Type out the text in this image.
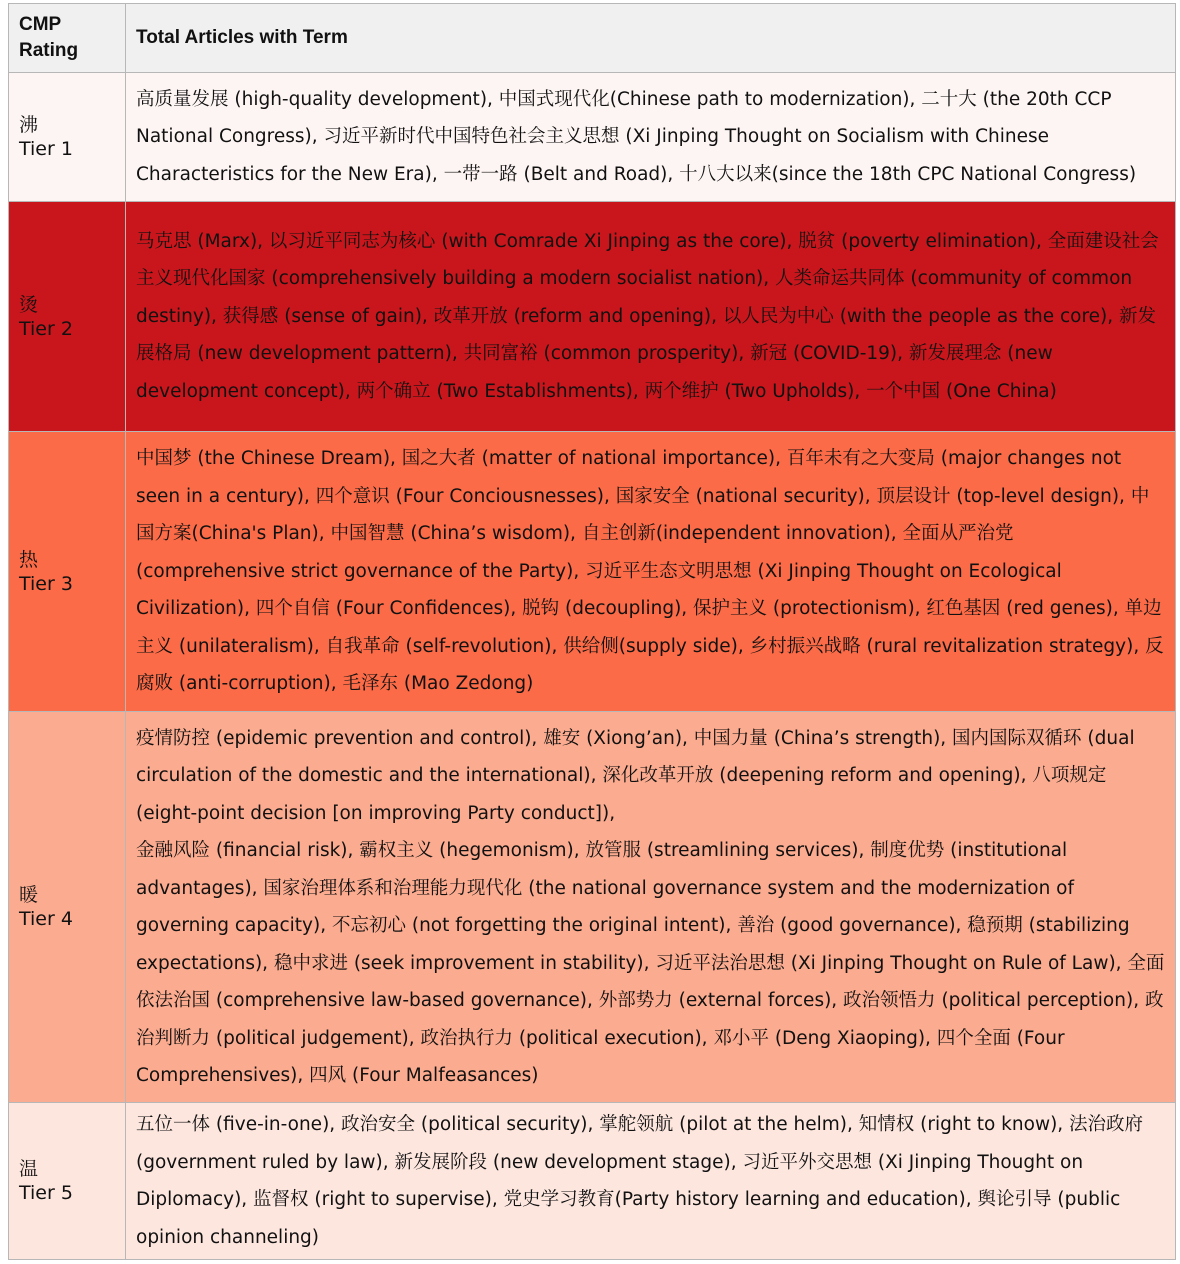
CMP Rating	Total Articles with Term

沸
Tier 1	高质量发展 (high-quality development), 中国式现代化(Chinese path to modernization), 二十大 (the 20th CCP National Congress), 习近平新时代中国特色社会主义思想 (Xi Jinping Thought on Socialism with Chinese Characteristics for the New Era), 一带一路 (Belt and Road), 十八大以来(since the 18th CPC National Congress)

烫
Tier 2	马克思 (Marx), 以习近平同志为核心 (with Comrade Xi Jinping as the core), 脱贫 (poverty elimination), 全面建设社会主义现代化国家 (comprehensively building a modern socialist nation), 人类命运共同体 (community of common destiny), 获得感 (sense of gain), 改革开放 (reform and opening), 以人民为中心 (with the people as the core), 新发展格局 (new development pattern), 共同富裕 (common prosperity), 新冠 (COVID-19), 新发展理念 (new development concept), 两个确立 (Two Establishments), 两个维护 (Two Upholds), 一个中国 (One China)

热
Tier 3	中国梦 (the Chinese Dream), 国之大者 (matter of national importance), 百年未有之大变局 (major changes not seen in a century), 四个意识 (Four Conciousnesses), 国家安全 (national security), 顶层设计 (top-level design), 中国方案(China's Plan), 中国智慧 (China’s wisdom), 自主创新(independent innovation), 全面从严治党 (comprehensive strict governance of the Party), 习近平生态文明思想 (Xi Jinping Thought on Ecological Civilization), 四个自信 (Four Confidences), 脱钩 (decoupling), 保护主义 (protectionism), 红色基因 (red genes), 单边主义 (unilateralism), 自我革命 (self-revolution), 供给侧(supply side), 乡村振兴战略 (rural revitalization strategy), 反腐败 (anti-corruption), 毛泽东 (Mao Zedong)

暖
Tier 4	疫情防控 (epidemic prevention and control), 雄安 (Xiong’an), 中国力量 (China’s strength), 国内国际双循环 (dual circulation of the domestic and the international), 深化改革开放 (deepening reform and opening), 八项规定 (eight-point decision [on improving Party conduct]),
金融风险 (financial risk), 霸权主义 (hegemonism), 放管服 (streamlining services), 制度优势 (institutional advantages), 国家治理体系和治理能力现代化 (the national governance system and the modernization of governing capacity), 不忘初心 (not forgetting the original intent), 善治 (good governance), 稳预期 (stabilizing expectations), 稳中求进 (seek improvement in stability), 习近平法治思想 (Xi Jinping Thought on Rule of Law), 全面依法治国 (comprehensive law-based governance), 外部势力 (external forces), 政治领悟力 (political perception), 政治判断力 (political judgement), 政治执行力 (political execution), 邓小平 (Deng Xiaoping), 四个全面 (Four Comprehensives), 四风 (Four Malfeasances)

温
Tier 5	五位一体 (five-in-one), 政治安全 (political security), 掌舵领航 (pilot at the helm), 知情权 (right to know), 法治政府 (government ruled by law), 新发展阶段 (new development stage), 习近平外交思想 (Xi Jinping Thought on Diplomacy), 监督权 (right to supervise), 党史学习教育(Party history learning and education), 舆论引导 (public opinion channeling)
